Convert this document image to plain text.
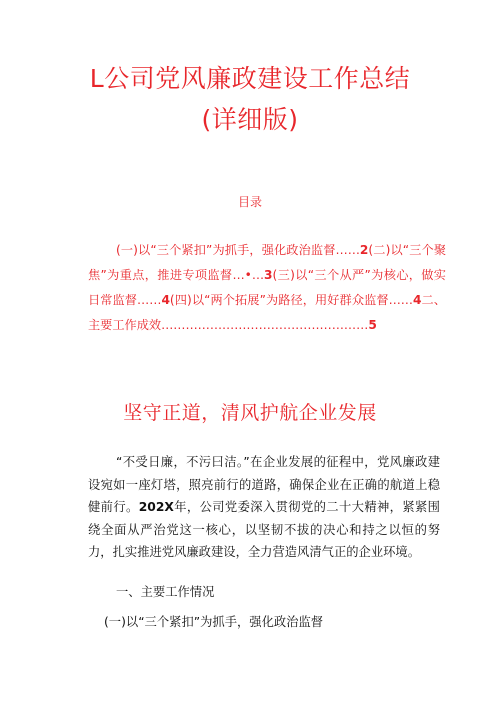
L公司党风廉政建设工作总结
(详细版)
目录
(一)以“三个紧扣”为抓手，强化政治监督……2(二)以“三个聚焦”为重点，推进专项监督…•…3(三)以“三个从严”为核心，做实日常监督……4(四)以“两个拓展”为路径，用好群众监督……4二、主要工作成效……………………………………………5
坚守正道，清风护航企业发展
“不受日廉，不污曰洁。”在企业发展的征程中，党风廉政建设宛如一座灯塔，照亮前行的道路，确保企业在正确的航道上稳健前行。202X年，公司党委深入贯彻党的二十大精神，紧紧围绕全面从严治党这一核心，以坚韧不拔的决心和持之以恒的努力，扎实推进党风廉政建设，全力营造风清气正的企业环境。
一、主要工作情况
(一)以“三个紧扣”为抓手，强化政治监督
